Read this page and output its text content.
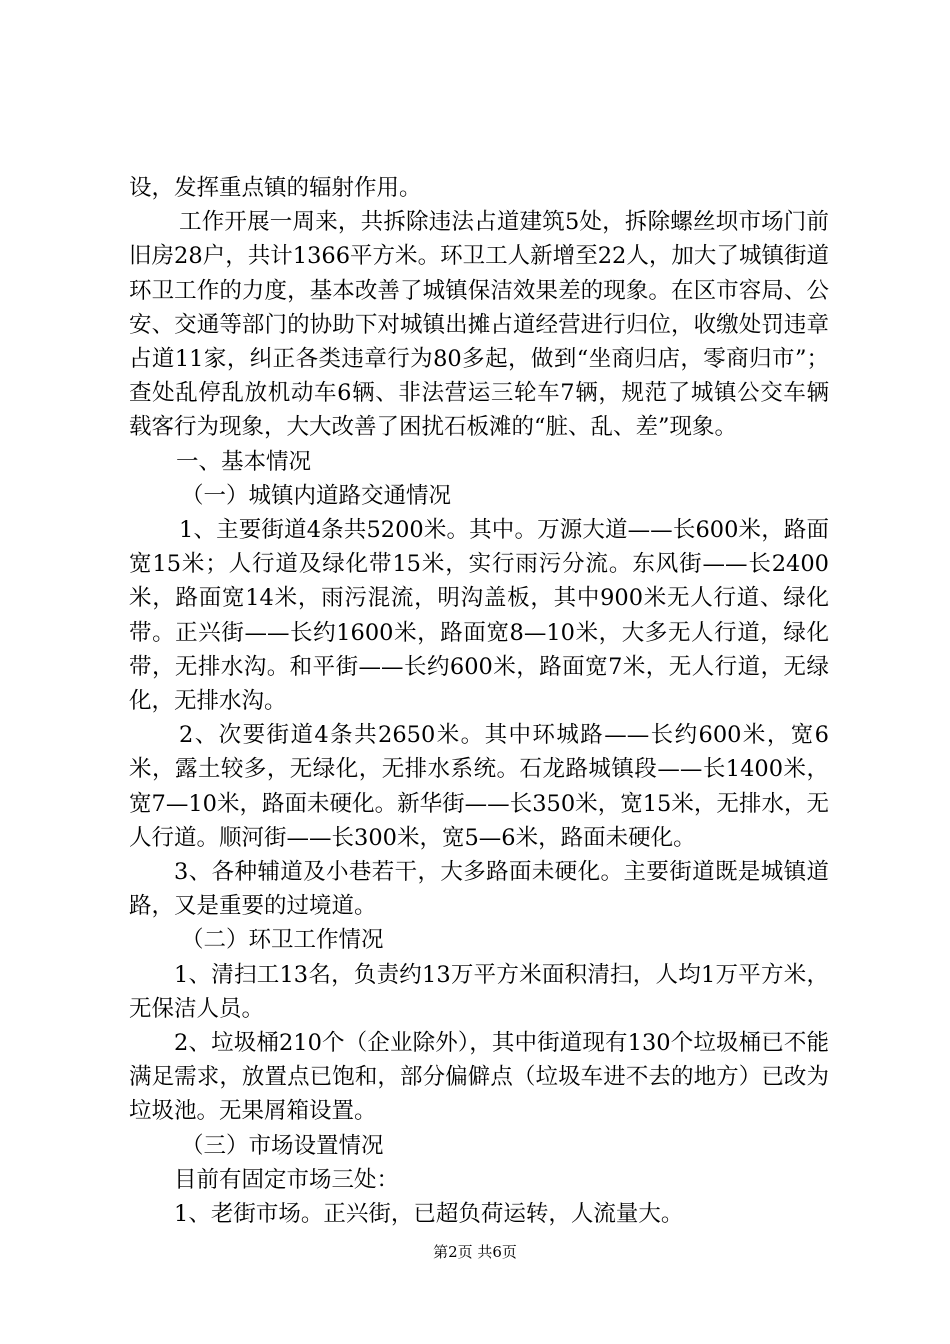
设，发挥重点镇的辐射作用。

工作开展一周来，共拆除违法占道建筑5处，拆除螺丝坝市场门前旧房28户，共计1366平方米。环卫工人新增至22人，加大了城镇街道环卫工作的力度，基本改善了城镇保洁效果差的现象。在区市容局、公安、交通等部门的协助下对城镇出摊占道经营进行归位，收缴处罚违章占道11家，纠正各类违章行为80多起，做到“坐商归店，零商归市”；查处乱停乱放机动车6辆、非法营运三轮车7辆，规范了城镇公交车辆载客行为现象，大大改善了困扰石板滩的“脏、乱、差”现象。

一、基本情况

（一）城镇内道路交通情况

1、主要街道4条共5200米。其中。万源大道——长600米，路面宽15米；人行道及绿化带15米，实行雨污分流。东风街——长2400米，路面宽14米，雨污混流，明沟盖板，其中900米无人行道、绿化带。正兴街——长约1600米，路面宽8—10米，大多无人行道，绿化带，无排水沟。和平街——长约600米，路面宽7米，无人行道，无绿化，无排水沟。

2、次要街道4条共2650米。其中环城路——长约600米，宽6米，露土较多，无绿化，无排水系统。石龙路城镇段——长1400米，宽7—10米，路面未硬化。新华街——长350米，宽15米，无排水，无人行道。顺河街——长300米，宽5—6米，路面未硬化。

3、各种辅道及小巷若干，大多路面未硬化。主要街道既是城镇道路，又是重要的过境道。

（二）环卫工作情况

1、清扫工13名，负责约13万平方米面积清扫，人均1万平方米，无保洁人员。

2、垃圾桶210个（企业除外），其中街道现有130个垃圾桶已不能满足需求，放置点已饱和，部分偏僻点（垃圾车进不去的地方）已改为垃圾池。无果屑箱设置。

（三）市场设置情况

目前有固定市场三处：

1、老街市场。正兴街，已超负荷运转，人流量大。

第2页 共6页
